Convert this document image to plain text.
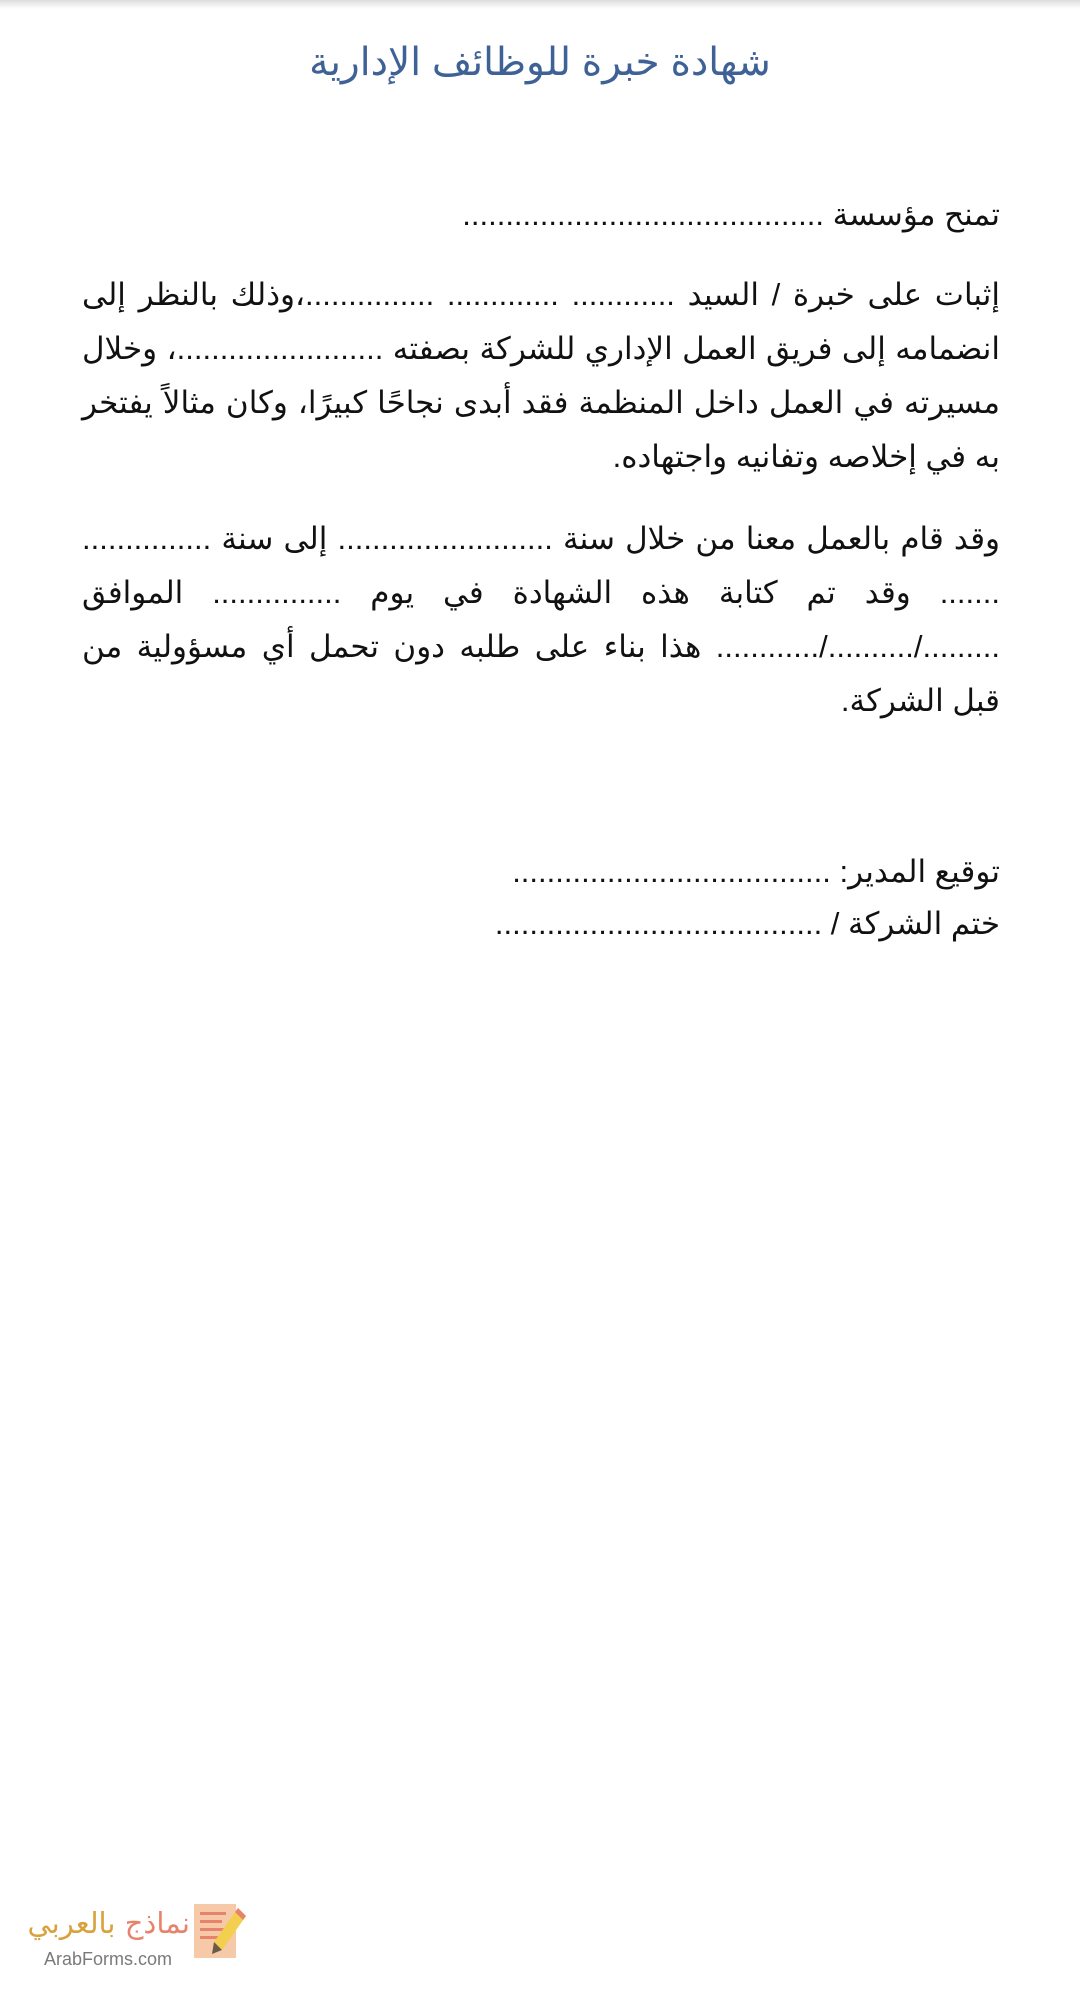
شهادة خبرة للوظائف الإدارية

تمنح مؤسسة ..........................................

إثبات على خبرة / السيد ............ ............. ...............،وذلك بالنظر إلى انضمامه إلى فريق العمل الإداري للشركة بصفته ........................، وخلال مسيرته في العمل داخل المنظمة فقد أبدى نجاحًا كبيرًا، وكان مثالاً يفتخر به في إخلاصه وتفانيه واجتهاده.

وقد قام بالعمل معنا من خلال سنة ......................... إلى سنة ............... ....... وقد تم كتابة هذه الشهادة في يوم ............... الموافق ........./........../............ هذا بناء على طلبه دون تحمل أي مسؤولية من قبل الشركة.

توقيع المدير: .....................................
ختم الشركة / ......................................
نماذج بالعربي
ArabForms.com
